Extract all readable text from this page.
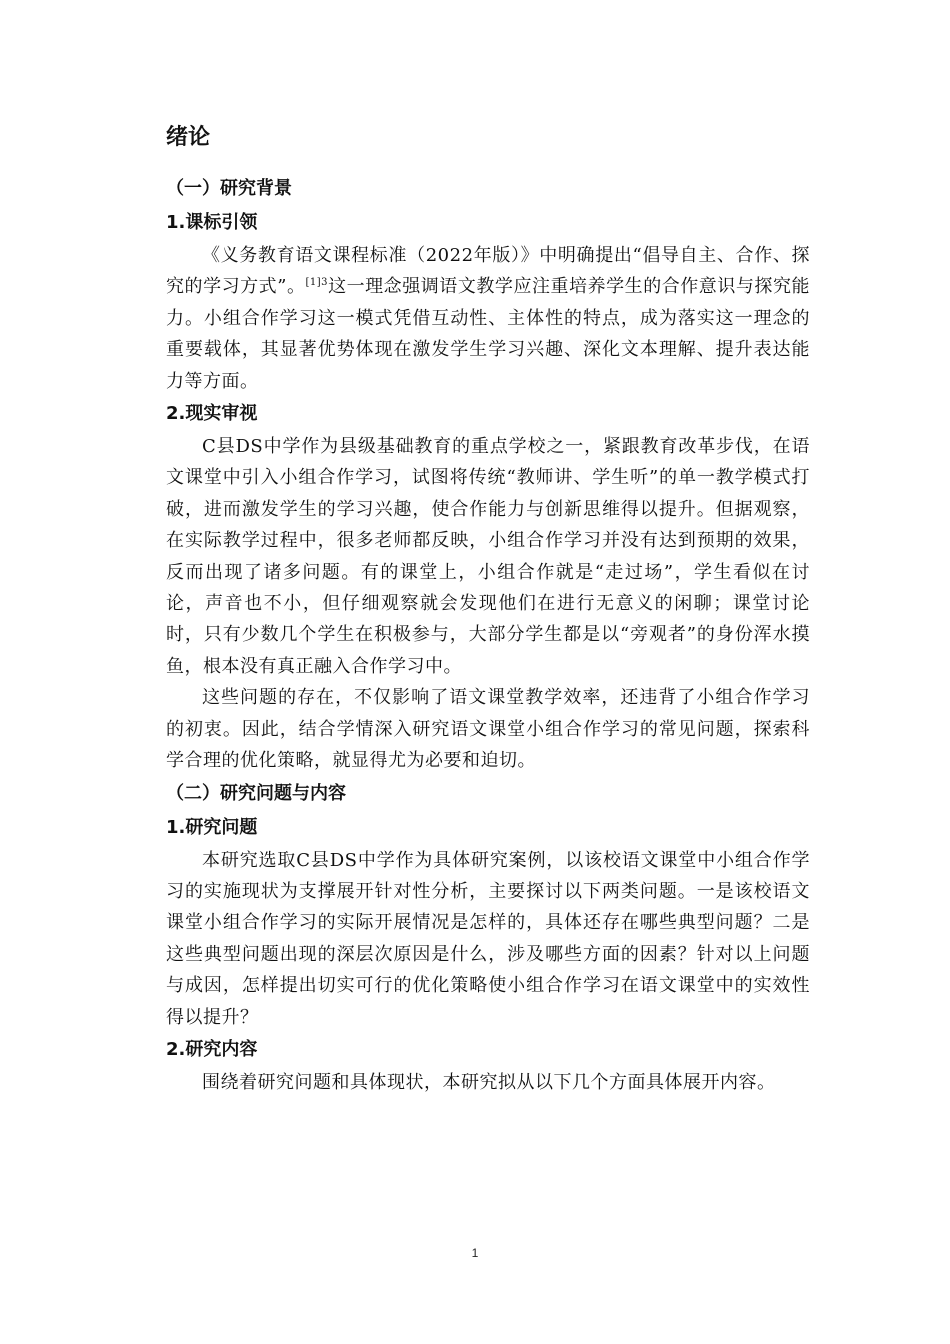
绪论
（一）研究背景
1.课标引领

《义务教育语文课程标准（2022年版）》中明确提出“倡导自主、合作、探究的学习方式”。$^{[1]3}$这一理念强调语文教学应注重培养学生的合作意识与探究能力。小组合作学习这一模式凭借互动性、主体性的特点，成为落实这一理念的重要载体，其显著优势体现在激发学生学习兴趣、深化文本理解、提升表达能力等方面。

2.现实审视

C县DS中学作为县级基础教育的重点学校之一，紧跟教育改革步伐，在语文课堂中引入小组合作学习，试图将传统“教师讲、学生听”的单一教学模式打破，进而激发学生的学习兴趣，使合作能力与创新思维得以提升。但据观察，在实际教学过程中，很多老师都反映，小组合作学习并没有达到预期的效果，反而出现了诸多问题。有的课堂上，小组合作就是“走过场”，学生看似在讨论，声音也不小，但仔细观察就会发现他们在进行无意义的闲聊；课堂讨论时，只有少数几个学生在积极参与，大部分学生都是以“旁观者”的身份浑水摸鱼，根本没有真正融入合作学习中。

这些问题的存在，不仅影响了语文课堂教学效率，还违背了小组合作学习的初衷。因此，结合学情深入研究语文课堂小组合作学习的常见问题，探索科学合理的优化策略，就显得尤为必要和迫切。

（二）研究问题与内容
1.研究问题

本研究选取C县DS中学作为具体研究案例，以该校语文课堂中小组合作学习的实施现状为支撑展开针对性分析，主要探讨以下两类问题。一是该校语文课堂小组合作学习的实际开展情况是怎样的，具体还存在哪些典型问题？二是这些典型问题出现的深层次原因是什么，涉及哪些方面的因素？针对以上问题与成因，怎样提出切实可行的优化策略使小组合作学习在语文课堂中的实效性得以提升？

2.研究内容

围绕着研究问题和具体现状，本研究拟从以下几个方面具体展开内容。

1
